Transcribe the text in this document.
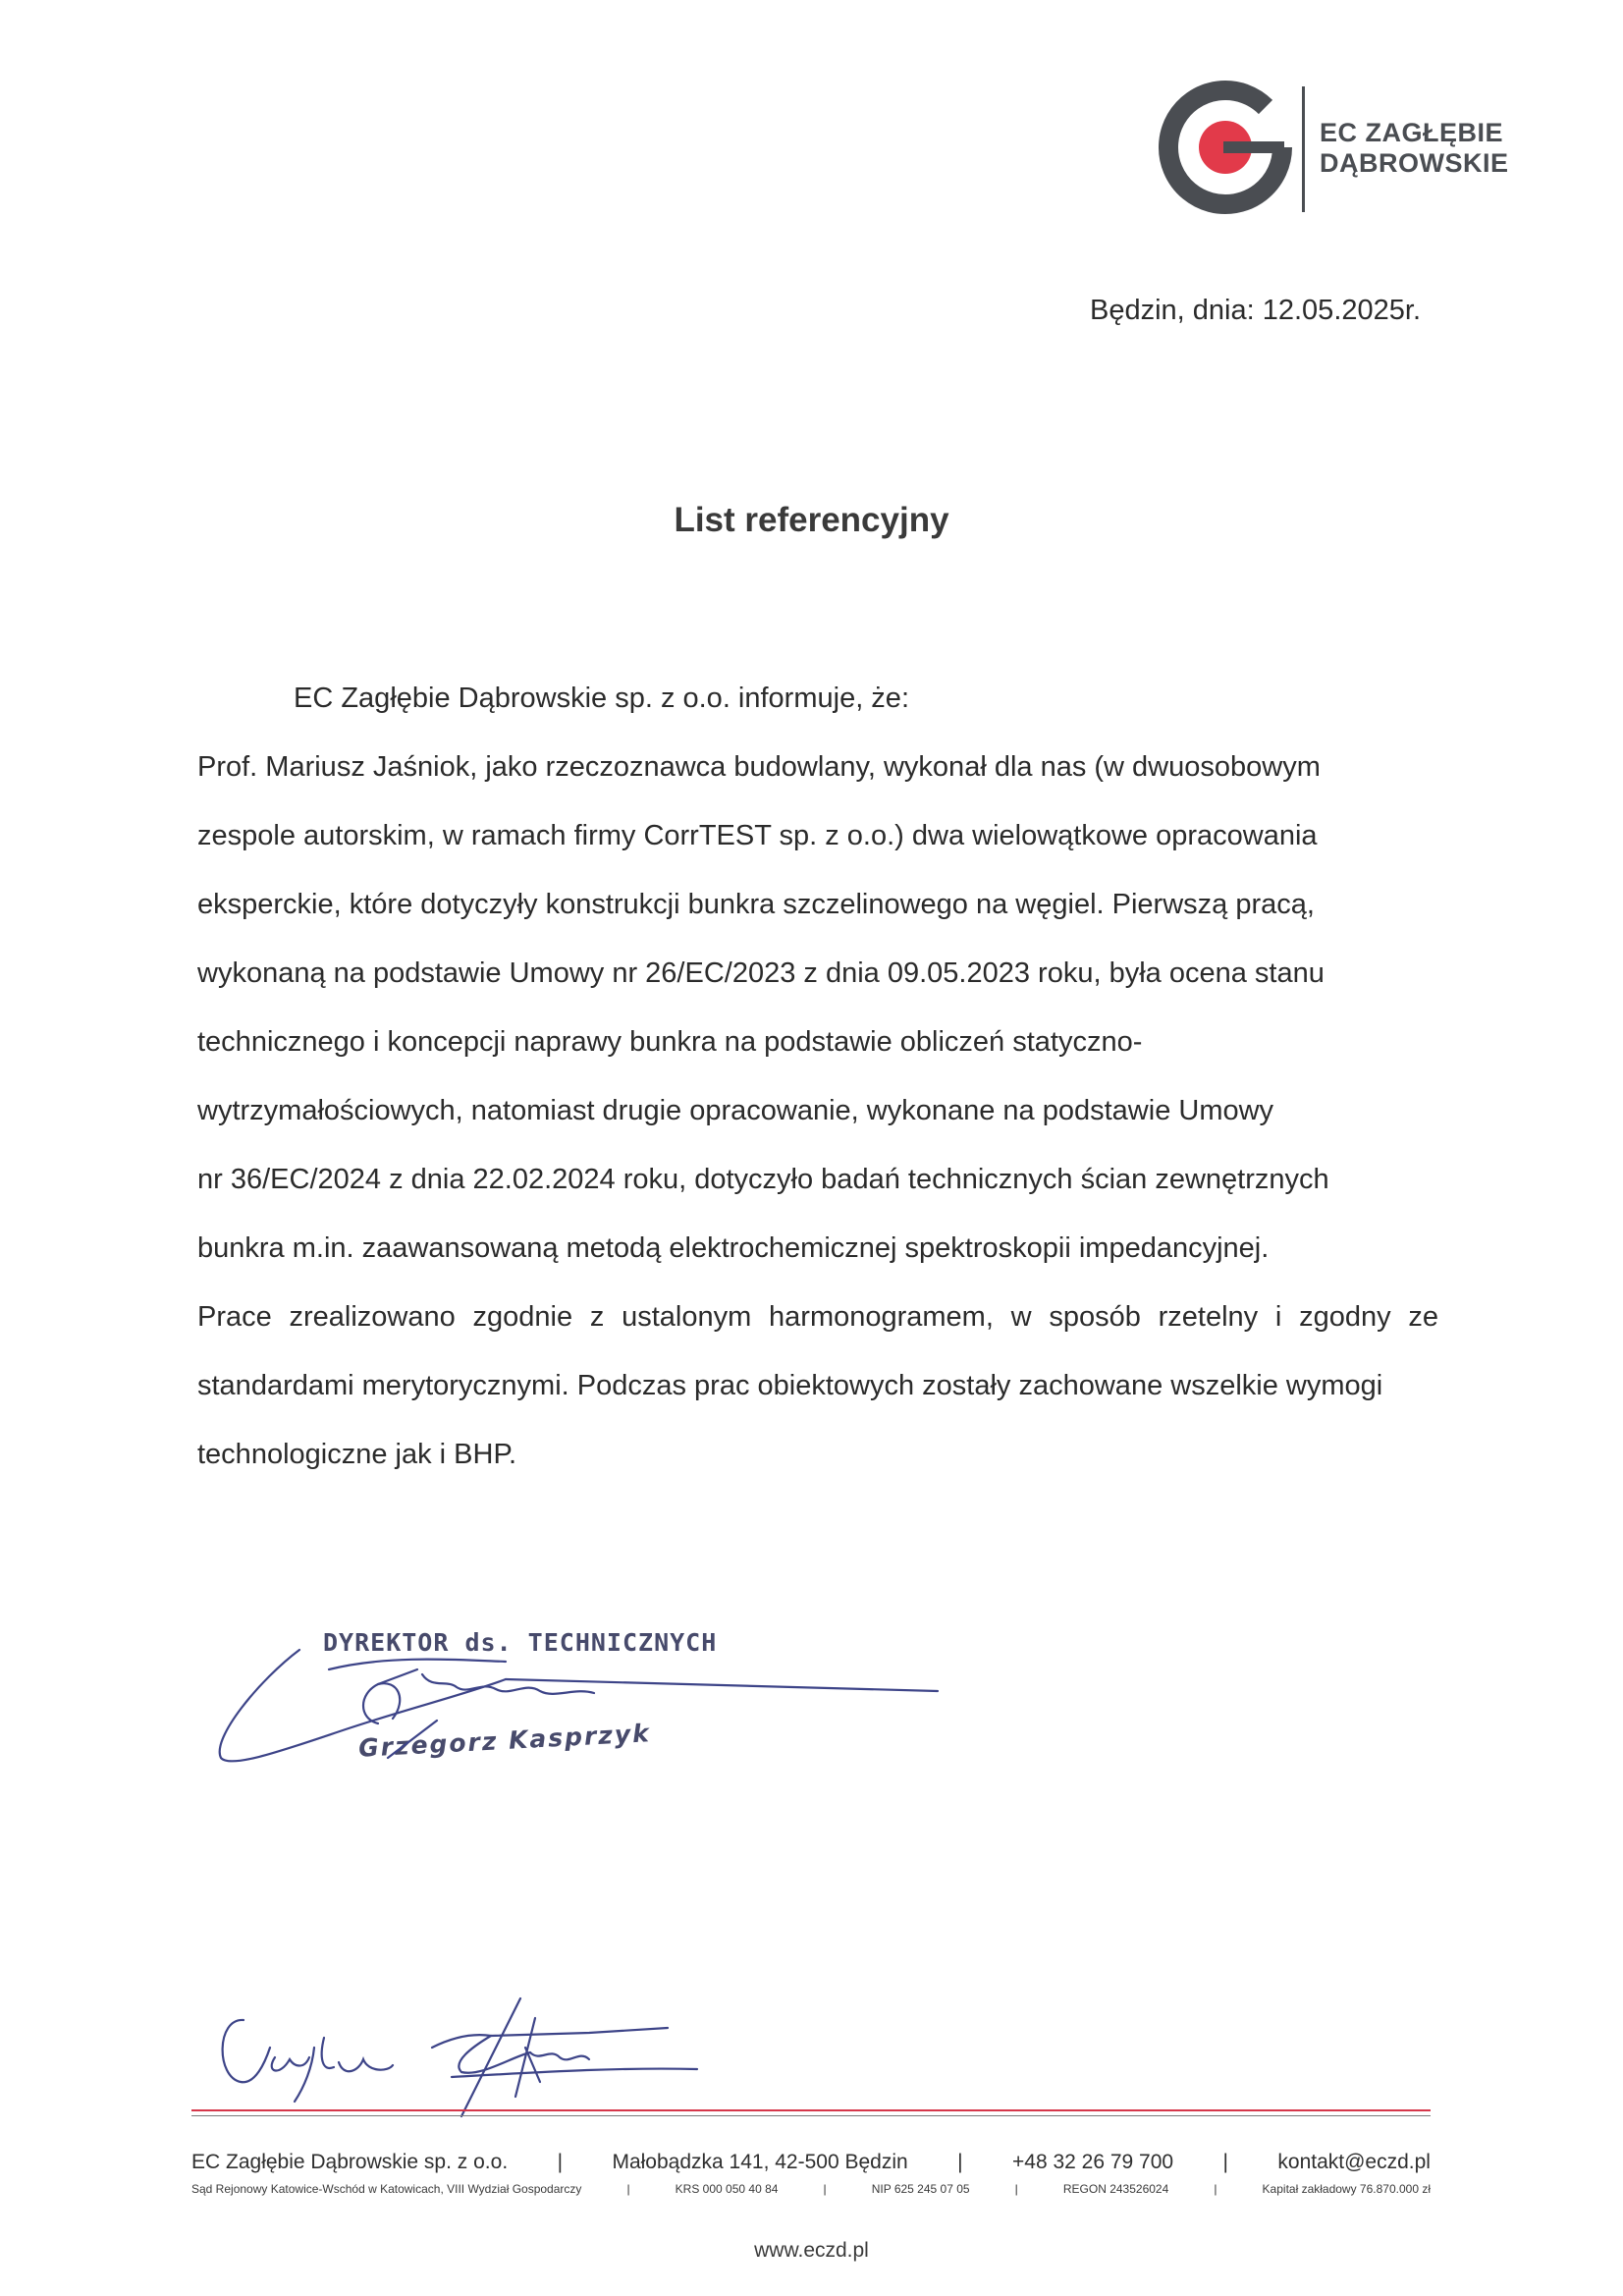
EC ZAGŁĘBIE
DĄBROWSKIE
Będzin, dnia: 12.05.2025r.
List referencyjny
EC Zagłębie Dąbrowskie sp. z o.o. informuje, że:
Prof. Mariusz Jaśniok, jako rzeczoznawca budowlany, wykonał dla nas (w dwuosobowym
zespole autorskim, w ramach firmy CorrTEST sp. z o.o.) dwa wielowątkowe opracowania
eksperckie, które dotyczyły konstrukcji bunkra szczelinowego na węgiel. Pierwszą pracą,
wykonaną na podstawie Umowy nr 26/EC/2023 z dnia 09.05.2023 roku, była ocena stanu
technicznego i koncepcji naprawy bunkra na podstawie obliczeń statyczno-
wytrzymałościowych, natomiast drugie opracowanie, wykonane na podstawie Umowy
nr 36/EC/2024 z dnia 22.02.2024 roku, dotyczyło badań technicznych ścian zewnętrznych
bunkra m.in. zaawansowaną metodą elektrochemicznej spektroskopii impedancyjnej.
Prace zrealizowano zgodnie z ustalonym harmonogramem, w sposób rzetelny i zgodny ze
standardami merytorycznymi. Podczas prac obiektowych zostały zachowane wszelkie wymogi
technologiczne jak i BHP.
DYREKTOR ds. TECHNICZNYCH
Grzegorz Kasprzyk
EC Zagłębie Dąbrowskie sp. z o.o. | Małobądzka 141, 42-500 Będzin | +48 32 26 79 700 | kontakt@eczd.pl
Sąd Rejonowy Katowice-Wschód w Katowicach, VIII Wydział Gospodarczy	|	KRS 000 050 40 84	|	NIP 625 245 07 05	|	REGON 243526024	|	Kapitał zakładowy 76.870.000 zł
www.eczd.pl
